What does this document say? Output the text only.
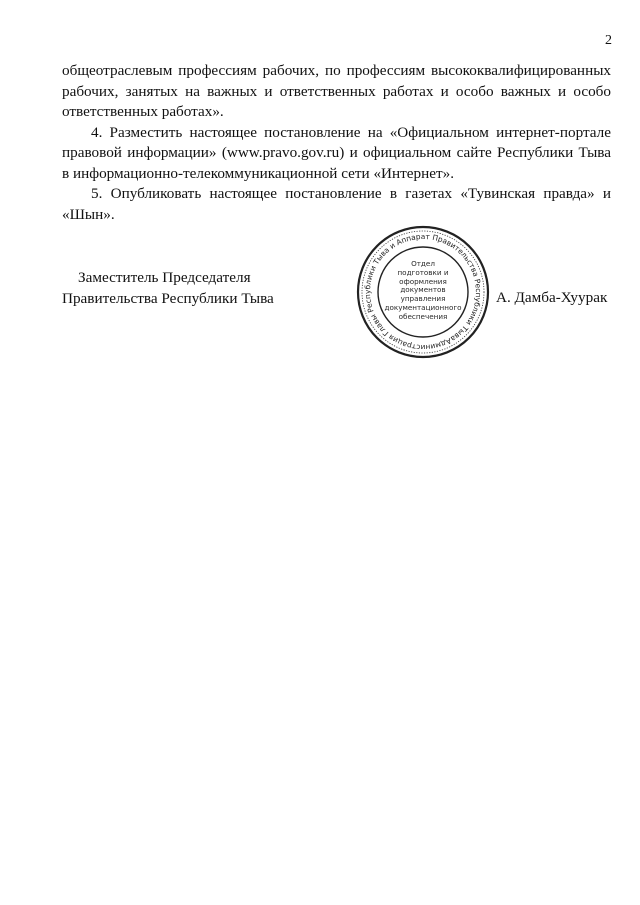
2

общеотраслевым профессиям рабочих, по профессиям высококвалифицированных рабочих, занятых на важных и ответственных работах и особо важных и особо ответственных работах».

4. Разместить настоящее постановление на «Официальном интернет-портале правовой информации» (www.pravo.gov.ru) и официальном сайте Республики Тыва в информационно-телекоммуникационной сети «Интернет».

5. Опубликовать настоящее постановление в газетах «Тувинская правда» и «Шын».

Заместитель Председателя
Правительства Республики Тыва
Администрация Главы Республики Тыва и Аппарат Правительства Республики Тыва
Отдел
подготовки и
оформления документов
управления
документационного
обеспечения
А. Дамба-Хуурак
